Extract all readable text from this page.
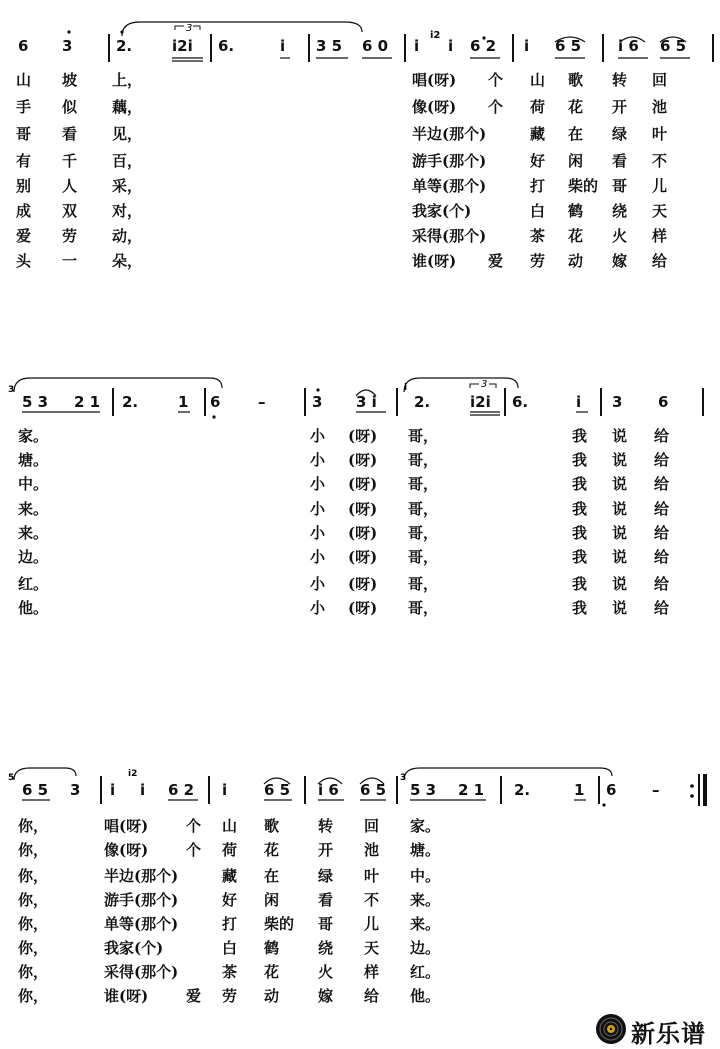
3
i2
6 3	2.	i2i 6.	i 3 5 6 0 i i 6 2 i 6 5 i 6 6 5
山 坡 上，	唱(呀) 个 山 歌 转 回
手 似 藕，	像(呀) 个 荷 花 开 池
哥 看 见，	半边(那个)	藏 在 绿 叶
有 千 百，	游手(那个)	好 闲 看 不
别 人 采，	单等(那个)	打 柴的 哥 儿
成 双 对，	我家(个)	白 鹤 绕 天
爱 劳 动，	采得(那个)	茶 花 火 样
头 一 朵，	谁(呀) 爱 劳 动 嫁 给
3	i	3
5 3 2 1 2.	1 6	–	3 3 i 2.	i2i 6.	i 3 6
家。	小 (呀) 哥，	我 说 给
塘。	小 (呀) 哥，	我 说 给
中。	小 (呀) 哥，	我 说 给
来。	小 (呀) 哥，	我 说 给
来。	小 (呀) 哥，	我 说 给
边。	小 (呀) 哥，	我 说 给
红。	小 (呀) 哥，	我 说 给
他。	小 (呀) 哥，	我 说 给
5	i2	3
6 5 3 i i 6 2 i 6 5 i 6 6 5 5 3 2 1 2.	1 6 –
你，	唱(呀)	个 山 歌	转 回 家。
你，	像(呀)	个 荷 花	开 池 塘。
你，	半边(那个)	藏 在	绿 叶 中。
你，	游手(那个)	好 闲	看 不 来。
你，	单等(那个)	打 柴的 哥 儿 来。
你，	我家(个)	白 鹤	绕 天 边。
你，	采得(那个)	茶 花	火 样 红。
你，	谁(呀)	爱 劳 动	嫁 给 他。
新乐谱
